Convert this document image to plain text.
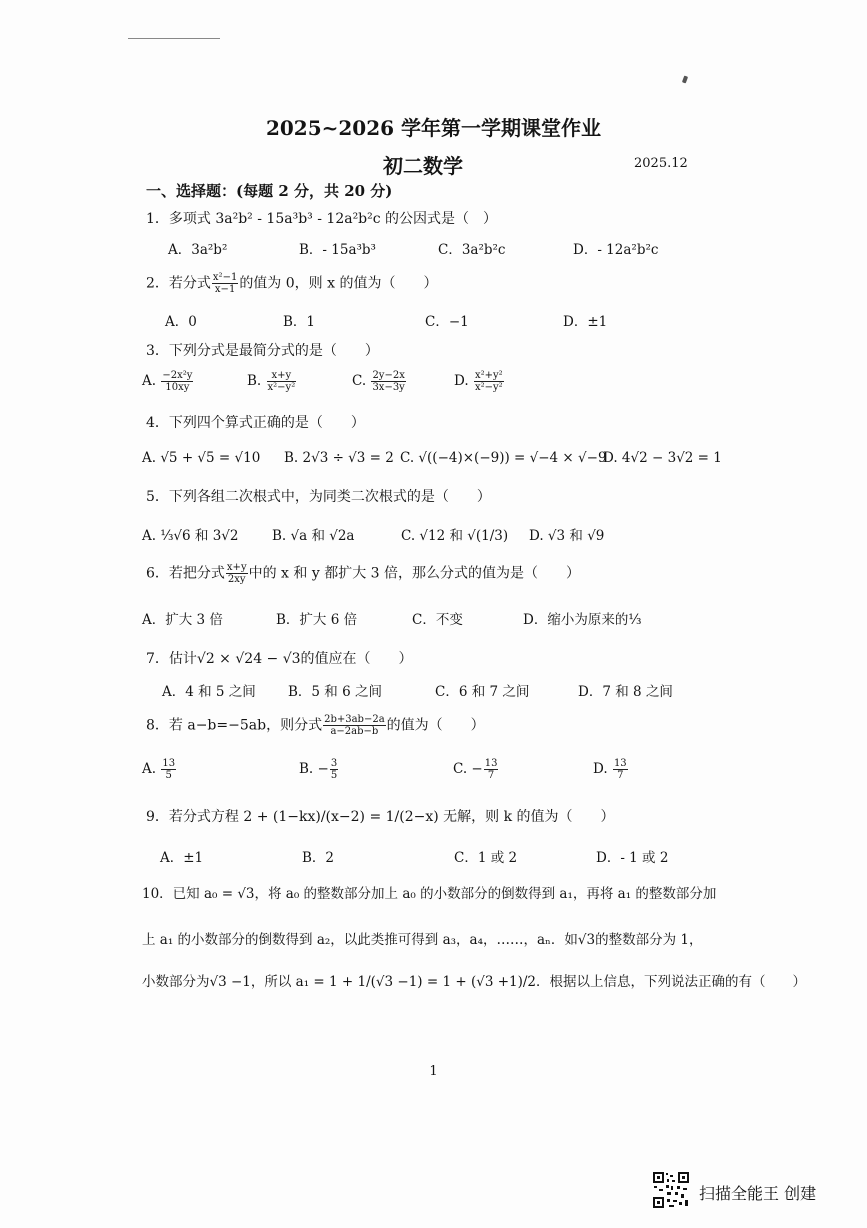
2025~2026 学年第一学期课堂作业
初二数学	2025.12
一、选择题：(每题 2 分，共 20 分)
1．多项式 3a²b² - 15a³b³ - 12a²b²c 的公因式是（　）
A．3a²b²	B．- 15a³b³	C．3a²b²c	D．- 12a²b²c
2．若分式 $\frac{\text{x²−1}}{x-1}$ 的值为 0，则 x 的值为（　　）
A．0	B．1	C．−1	D．±1
3．下列分式是最简分式的是（　　）
A. $\frac{\text{−2x²y}}{10xy}$	B. $\frac{x+y}{\text{x²−y²}}$	C. $\frac{2y-2x}{3x-3y}$	D. $\frac{\text{x²+y²}}{\text{x²−y²}}$
4．下列四个算式正确的是（　　）
A. √5 + √5 = √10 B. 2√3 ÷ √3 = 2 C. √((−4)×(−9)) = √−4 × √−9
D. 4√2 − 3√2 = 1
5．下列各组二次根式中，为同类二次根式的是（　　）
A. ⅓√6 和 3√2 B. √a 和 √2a	C. √12 和 √(1/3) D. √3 和 √9
6．若把分式 $\frac{x+y}{2xy}$ 中的 x 和 y 都扩大 3 倍，那么分式的值为是（　　）
A．扩大 3 倍	B．扩大 6 倍	C．不变	D．缩小为原来的⅓
7．估计√2 × √24 − √3的值应在（　　）
A．4 和 5 之间 B．5 和 6 之间	C．6 和 7 之间	D．7 和 8 之间
8．若 a−b=−5ab，则分式 $\frac{2b+3ab-2a}{a-2ab-b}$ 的值为（　　）
A. $\frac{13}{5}$	B. − $\frac{3}{5}$	C. − $\frac{13}{7}$	D. $\frac{13}{7}$
9．若分式方程 2 + (1−kx)/(x−2) = 1/(2−x) 无解，则 k 的值为（　　）
A．±1	B．2	C．1 或 2	D．- 1 或 2
10．已知 a₀ = √3，将 a₀ 的整数部分加上 a₀ 的小数部分的倒数得到 a₁，再将 a₁ 的整数部分加
上 a₁ 的小数部分的倒数得到 a₂，以此类推可得到 a₃，a₄，……，aₙ．如√3的整数部分为 1，
小数部分为√3 −1，所以 a₁ = 1 + 1/(√3 −1) = 1 + (√3 +1)/2．根据以上信息，下列说法正确的有（　　）
1
扫描全能王 创建
